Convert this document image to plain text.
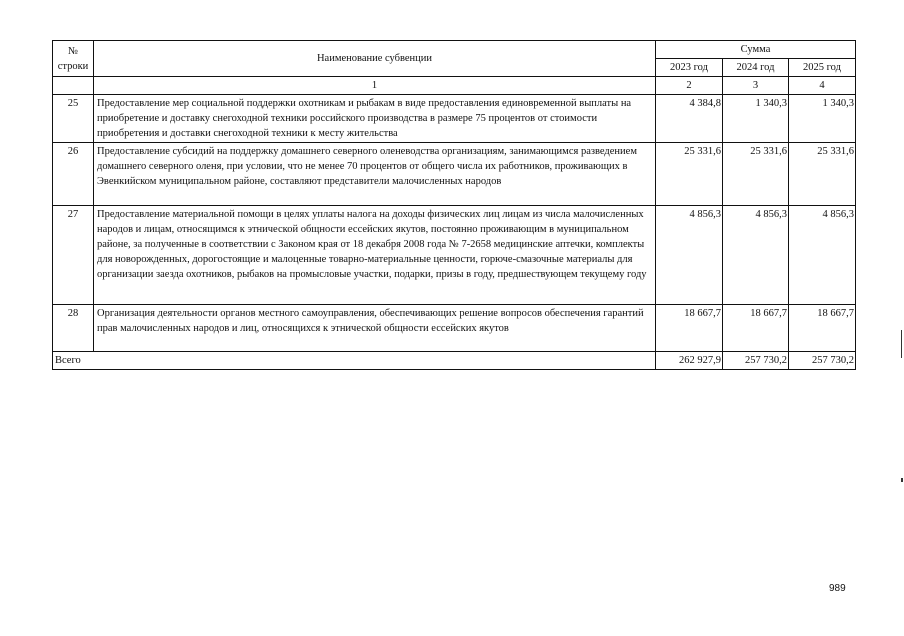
№ строки	Наименование субвенции	Сумма		
		2023 год	2024 год	2025 год
	1	2	3	4
25	Предоставление мер социальной поддержки охотникам и рыбакам в виде предоставления единовременной выплаты на приобретение и доставку снегоходной техники российского производства в размере 75 процентов от стоимости приобретения и доставки снегоходной техники к месту жительства	4 384,8	1 340,3	1 340,3
26	Предоставление субсидий на поддержку домашнего северного оленеводства организациям, занимающимся разведением домашнего северного оленя, при условии, что не менее 70 процентов от общего числа их работников, проживающих в Эвенкийском муниципальном районе, составляют представители малочисленных народов	25 331,6	25 331,6	25 331,6
27	Предоставление материальной помощи в целях уплаты налога на доходы физических лиц лицам из числа малочисленных народов и лицам, относящимся к этнической общности ессейских якутов, постоянно проживающим в муниципальном районе, за полученные в соответствии с Законом края от 18 декабря 2008 года № 7-2658 медицинские аптечки, комплекты для новорожденных, дорогостоящие и малоценные товарно-материальные ценности, горюче-смазочные материалы для организации заезда охотников, рыбаков на промысловые участки, подарки, призы в году, предшествующем текущему году	4 856,3	4 856,3	4 856,3
28	Организация деятельности органов местного самоуправления, обеспечивающих решение вопросов обеспечения гарантий прав малочисленных народов и лиц, относящихся к этнической общности ессейских якутов	18 667,7	18 667,7	18 667,7
Всего		262 927,9	257 730,2	257 730,2
989
